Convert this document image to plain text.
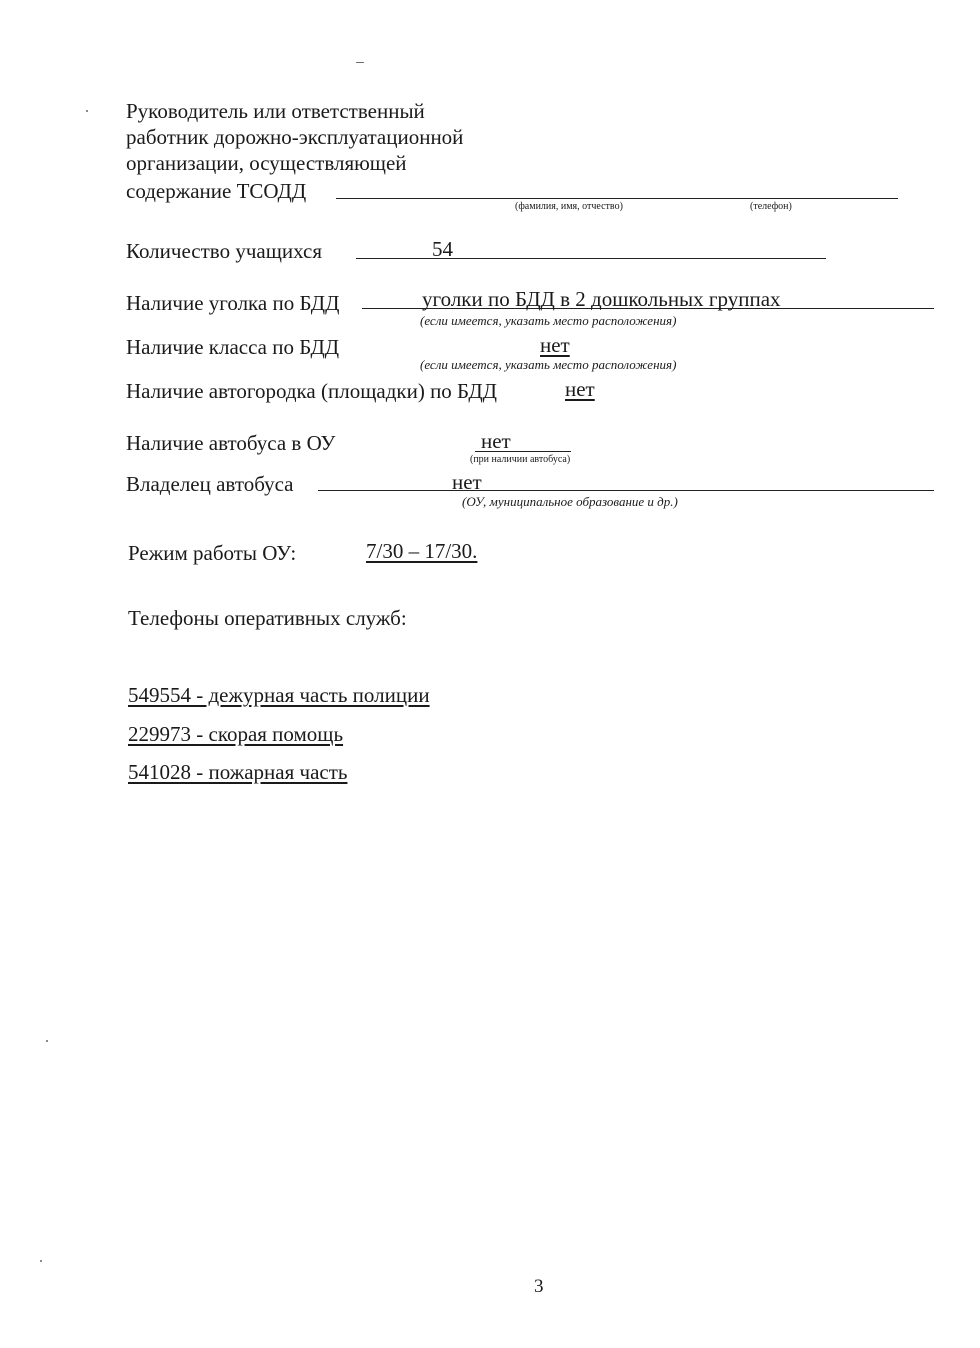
Руководитель или ответственный
работник дорожно-эксплуатационной
организации, осуществляющей
содержание ТСОДД
(фамилия, имя, отчество)	(телефон)
Количество учащихся	54
Наличие уголка по БДД	уголки по БДД в 2 дошкольных группах
(если имеется, указать место расположения)
Наличие класса по БДД	нет
(если имеется, указать место расположения)
Наличие автогородка (площадки) по БДД	нет
Наличие автобуса в ОУ	нет
(при наличии автобуса)
Владелец автобуса	нет
(ОУ, муниципальное образование и др.)
Режим работы ОУ:	7/30 – 17/30.
Телефоны оперативных служб:
549554 - дежурная часть полиции
229973 - скорая помощь
541028 - пожарная часть
3
